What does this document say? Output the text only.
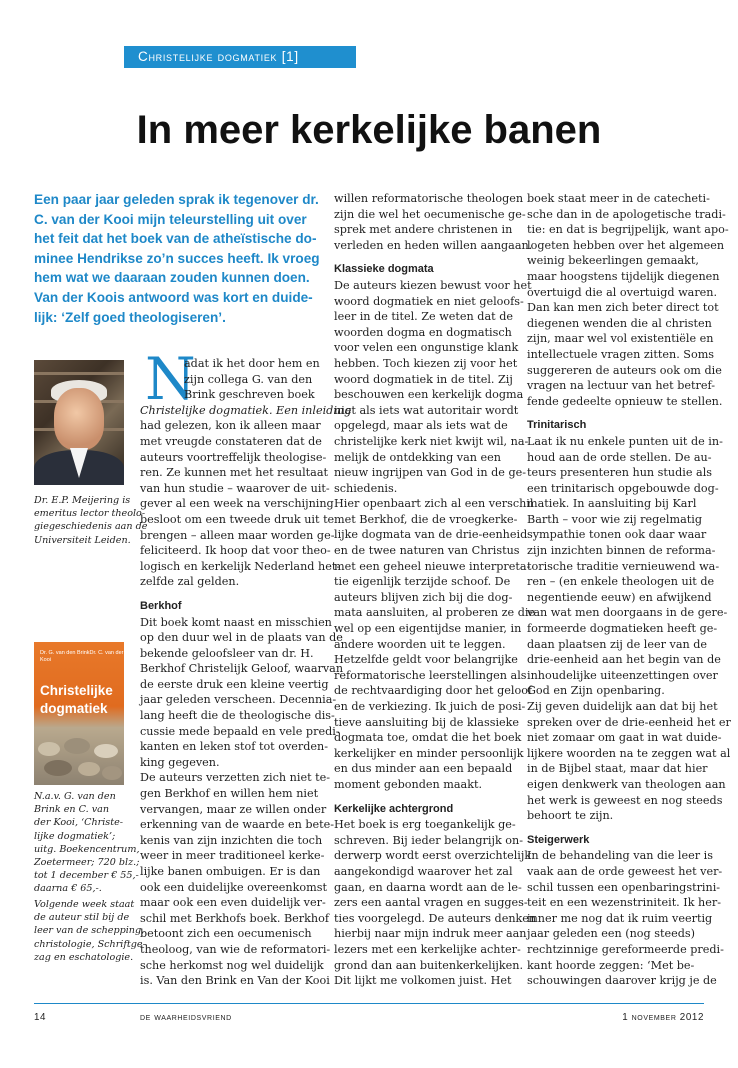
Christelijke dogmatiek [1]
In meer kerkelijke banen
Een paar jaar geleden sprak ik tegenover dr.
C. van der Kooi mijn teleurstelling uit over
het feit dat het boek van de atheïstische do-
minee Hendrikse zo’n succes heeft. Ik vroeg
hem wat we daaraan zouden kunnen doen.
Van der Koois antwoord was kort en duide-
lijk: ‘Zelf goed theologiseren’.
Dr. E.P. Meijering is
emeritus lector theolo-
giegeschiedenis aan de
Universiteit Leiden.
Dr. G. van den BrinkDr. C. van der Kooi
Christelijke
dogmatiek
N.a.v. G. van den
Brink en C. van
der Kooi, ‘Christe-
lijke dogmatiek’;
uitg. Boekencentrum,
Zoetermeer; 720 blz.;
tot 1 december € 55,-
daarna € 65,-.
Volgende week staat
de auteur stil bij de
leer van de schepping,
christologie, Schriftge-
zag en eschatologie.
N
adat ik het door hem en
zijn collega G. van den
Brink geschreven boek
Christelijke dogmatiek. Een inleiding
had gelezen, kon ik alleen maar
met vreugde constateren dat de
auteurs voortreffelijk theologise-
ren. Ze kunnen met het resultaat
van hun studie – waarover de uit-
gever al een week na verschijning
besloot om een tweede druk uit te
brengen – alleen maar worden ge-
feliciteerd. Ik hoop dat voor theo-
logisch en kerkelijk Nederland het-
zelfde zal gelden.
Berkhof
Dit boek komt naast en misschien
op den duur wel in de plaats van de
bekende geloofsleer van dr. H.
Berkhof Christelijk Geloof, waarvan
de eerste druk een kleine veertig
jaar geleden verscheen. Decennia-
lang heeft die de theologische dis-
cussie mede bepaald en vele predi-
kanten en leken stof tot overden-
king gegeven.
De auteurs verzetten zich niet te-
gen Berkhof en willen hem niet
vervangen, maar ze willen onder
erkenning van de waarde en bete-
kenis van zijn inzichten die toch
weer in meer traditioneel kerke-
lijke banen ombuigen. Er is dan
ook een duidelijke overeenkomst
maar ook een even duidelijk ver-
schil met Berkhofs boek. Berkhof
betoont zich een oecumenisch
theoloog, van wie de reformatori-
sche herkomst nog wel duidelijk
is. Van den Brink en Van der Kooi
willen reformatorische theologen
zijn die wel het oecumenische ge-
sprek met andere christenen in
verleden en heden willen aangaan.
Klassieke dogmata
De auteurs kiezen bewust voor het
woord dogmatiek en niet geloofs-
leer in de titel. Ze weten dat de
woorden dogma en dogmatisch
voor velen een ongunstige klank
hebben. Toch kiezen zij voor het
woord dogmatiek in de titel. Zij
beschouwen een kerkelijk dogma
niet als iets wat autoritair wordt
opgelegd, maar als iets wat de
christelijke kerk niet kwijt wil, na-
melijk de ontdekking van een
nieuw ingrijpen van God in de ge-
schiedenis.
Hier openbaart zich al een verschil
met Berkhof, die de vroegkerke-
lijke dogmata van de drie-eenheid
en de twee naturen van Christus
met een geheel nieuwe interpreta-
tie eigenlijk terzijde schoof. De
auteurs blijven zich bij die dog-
mata aansluiten, al proberen ze die
wel op een eigentijdse manier, in
andere woorden uit te leggen.
Hetzelfde geldt voor belangrijke
reformatorische leerstellingen als
de rechtvaardiging door het geloof
en de verkiezing. Ik juich de posi-
tieve aansluiting bij de klassieke
dogmata toe, omdat die het boek
kerkelijker en minder persoonlijk
en dus minder aan een bepaald
moment gebonden maakt.
Kerkelijke achtergrond
Het boek is erg toegankelijk ge-
schreven. Bij ieder belangrijk on-
derwerp wordt eerst overzichtelijk
aangekondigd waarover het zal
gaan, en daarna wordt aan de le-
zers een aantal vragen en sugges-
ties voorgelegd. De auteurs denken
hierbij naar mijn indruk meer aan
lezers met een kerkelijke achter-
grond dan aan buitenkerkelijken.
Dit lijkt me volkomen juist. Het
boek staat meer in de catecheti-
sche dan in de apologetische tradi-
tie: en dat is begrijpelijk, want apo-
logeten hebben over het algemeen
weinig bekeerlingen gemaakt,
maar hoogstens tijdelijk diegenen
overtuigd die al overtuigd waren.
Dan kan men zich beter direct tot
diegenen wenden die al christen
zijn, maar wel vol existentiële en
intellectuele vragen zitten. Soms
suggereren de auteurs ook om die
vragen na lectuur van het betref-
fende gedeelte opnieuw te stellen.
Trinitarisch
Laat ik nu enkele punten uit de in-
houd aan de orde stellen. De au-
teurs presenteren hun studie als
een trinitarisch opgebouwde dog-
matiek. In aansluiting bij Karl
Barth – voor wie zij regelmatig
sympathie tonen ook daar waar
zijn inzichten binnen de reforma-
torische traditie vernieuwend wa-
ren – (en enkele theologen uit de
negentiende eeuw) en afwijkend
van wat men doorgaans in de gere-
formeerde dogmatieken heeft ge-
daan plaatsen zij de leer van de
drie-eenheid aan het begin van de
inhoudelijke uiteenzettingen over
God en Zijn openbaring.
Zij geven duidelijk aan dat bij het
spreken over de drie-eenheid het er
niet zomaar om gaat in wat duide-
lijkere woorden na te zeggen wat al
in de Bijbel staat, maar dat hier
eigen denkwerk van theologen aan
het werk is geweest en nog steeds
behoort te zijn.
Steigerwerk
In de behandeling van die leer is
vaak aan de orde geweest het ver-
schil tussen een openbaringstrini-
teit en een wezenstriniteit. Ik her-
inner me nog dat ik ruim veertig
jaar geleden een (nog steeds)
rechtzinnige gereformeerde predi-
kant hoorde zeggen: ‘Met be-
schouwingen daarover krijg je de
14	de waarheidsvriend	1 november 2012
